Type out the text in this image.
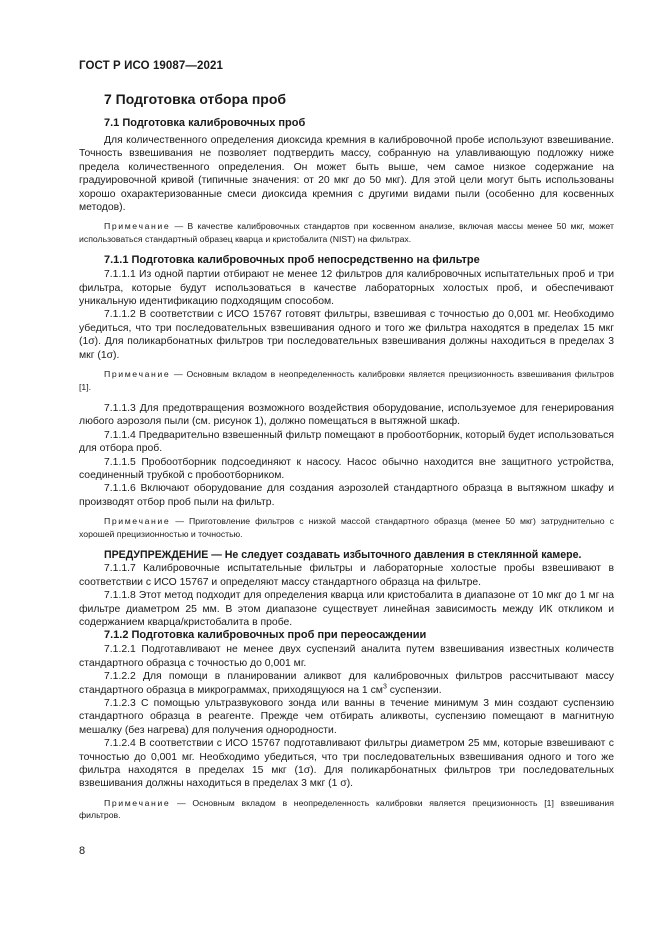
ГОСТ Р ИСО 19087—2021
7 Подготовка отбора проб
7.1 Подготовка калибровочных проб

Для количественного определения диоксида кремния в калибровочной пробе используют взвешивание. Точность взвешивания не позволяет подтвердить массу, собранную на улавливающую подложку ниже предела количественного определения. Он может быть выше, чем самое низкое содержание на градуировочной кривой (типичные значения: от 20 мкг до 50 мкг). Для этой цели могут быть использованы хорошо охарактеризованные смеси диоксида кремния с другими видами пыли (особенно для косвенных методов).

Примечание — В качестве калибровочных стандартов при косвенном анализе, включая массы менее 50 мкг, может использоваться стандартный образец кварца и кристобалита (NIST) на фильтрах.

7.1.1 Подготовка калибровочных проб непосредственно на фильтре

7.1.1.1 Из одной партии отбирают не менее 12 фильтров для калибровочных испытательных проб и три фильтра, которые будут использоваться в качестве лабораторных холостых проб, и обеспечивают уникальную идентификацию подходящим способом.

7.1.1.2 В соответствии с ИСО 15767 готовят фильтры, взвешивая с точностью до 0,001 мг. Необходимо убедиться, что три последовательных взвешивания одного и того же фильтра находятся в пределах 15 мкг (1σ). Для поликарбонатных фильтров три последовательных взвешивания должны находиться в пределах 3 мкг (1σ).

Примечание — Основным вкладом в неопределенность калибровки является прецизионность взвешивания фильтров [1].

7.1.1.3 Для предотвращения возможного воздействия оборудование, используемое для генерирования любого аэрозоля пыли (см. рисунок 1), должно помещаться в вытяжной шкаф.

7.1.1.4 Предварительно взвешенный фильтр помещают в пробоотборник, который будет использоваться для отбора проб.

7.1.1.5 Пробоотборник подсоединяют к насосу. Насос обычно находится вне защитного устройства, соединенный трубкой с пробоотборником.

7.1.1.6 Включают оборудование для создания аэрозолей стандартного образца в вытяжном шкафу и производят отбор проб пыли на фильтр.

Примечание — Приготовление фильтров с низкой массой стандартного образца (менее 50 мкг) затруднительно с хорошей прецизионностью и точностью.

ПРЕДУПРЕЖДЕНИЕ — Не следует создавать избыточного давления в стеклянной камере.

7.1.1.7 Калибровочные испытательные фильтры и лабораторные холостые пробы взвешивают в соответствии с ИСО 15767 и определяют массу стандартного образца на фильтре.

7.1.1.8 Этот метод подходит для определения кварца или кристобалита в диапазоне от 10 мкг до 1 мг на фильтре диаметром 25 мм. В этом диапазоне существует линейная зависимость между ИК откликом и содержанием кварца/кристобалита в пробе.

7.1.2 Подготовка калибровочных проб при переосаждении

7.1.2.1 Подготавливают не менее двух суспензий аналита путем взвешивания известных количеств стандартного образца с точностью до 0,001 мг.

7.1.2.2 Для помощи в планировании аликвот для калибровочных фильтров рассчитывают массу стандартного образца в микрограммах, приходящуюся на 1 $см^3$ суспензии.

7.1.2.3 С помощью ультразвукового зонда или ванны в течение минимум 3 мин создают суспензию стандартного образца в реагенте. Прежде чем отбирать аликвоты, суспензию помещают в магнитную мешалку (без нагрева) для получения однородности.

7.1.2.4 В соответствии с ИСО 15767 подготавливают фильтры диаметром 25 мм, которые взвешивают с точностью до 0,001 мг. Необходимо убедиться, что три последовательных взвешивания одного и того же фильтра находятся в пределах 15 мкг (1σ). Для поликарбонатных фильтров три последовательных взвешивания должны находиться в пределах 3 мкг (1 σ).

Примечание — Основным вкладом в неопределенность калибровки является прецизионность [1] взвешивания фильтров.

8
